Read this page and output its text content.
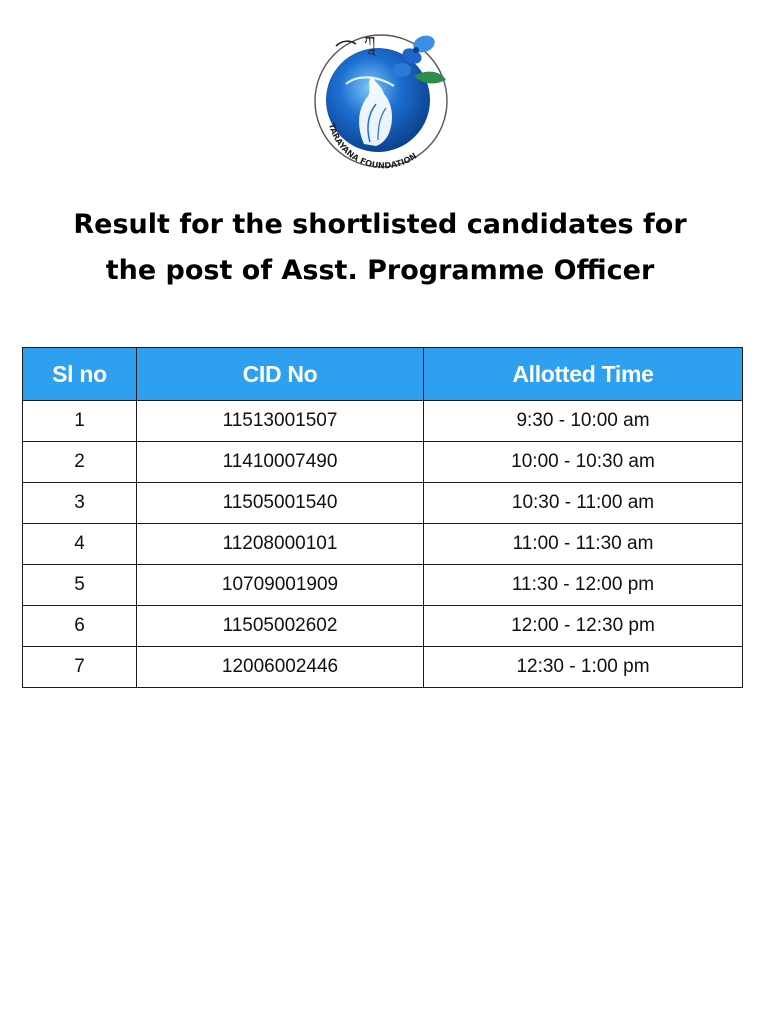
ཀཱ
TARAYANA FOUNDATION
Result for the shortlisted candidates for
the post of Asst. Programme Officer
Sl no	CID No	Allotted Time
1	11513001507	9:30 - 10:00 am
2	11410007490	10:00 - 10:30 am
3	11505001540	10:30 - 11:00 am
4	11208000101	11:00 - 11:30 am
5	10709001909	11:30 - 12:00 pm
6	11505002602	12:00 - 12:30 pm
7	12006002446	12:30 - 1:00 pm
